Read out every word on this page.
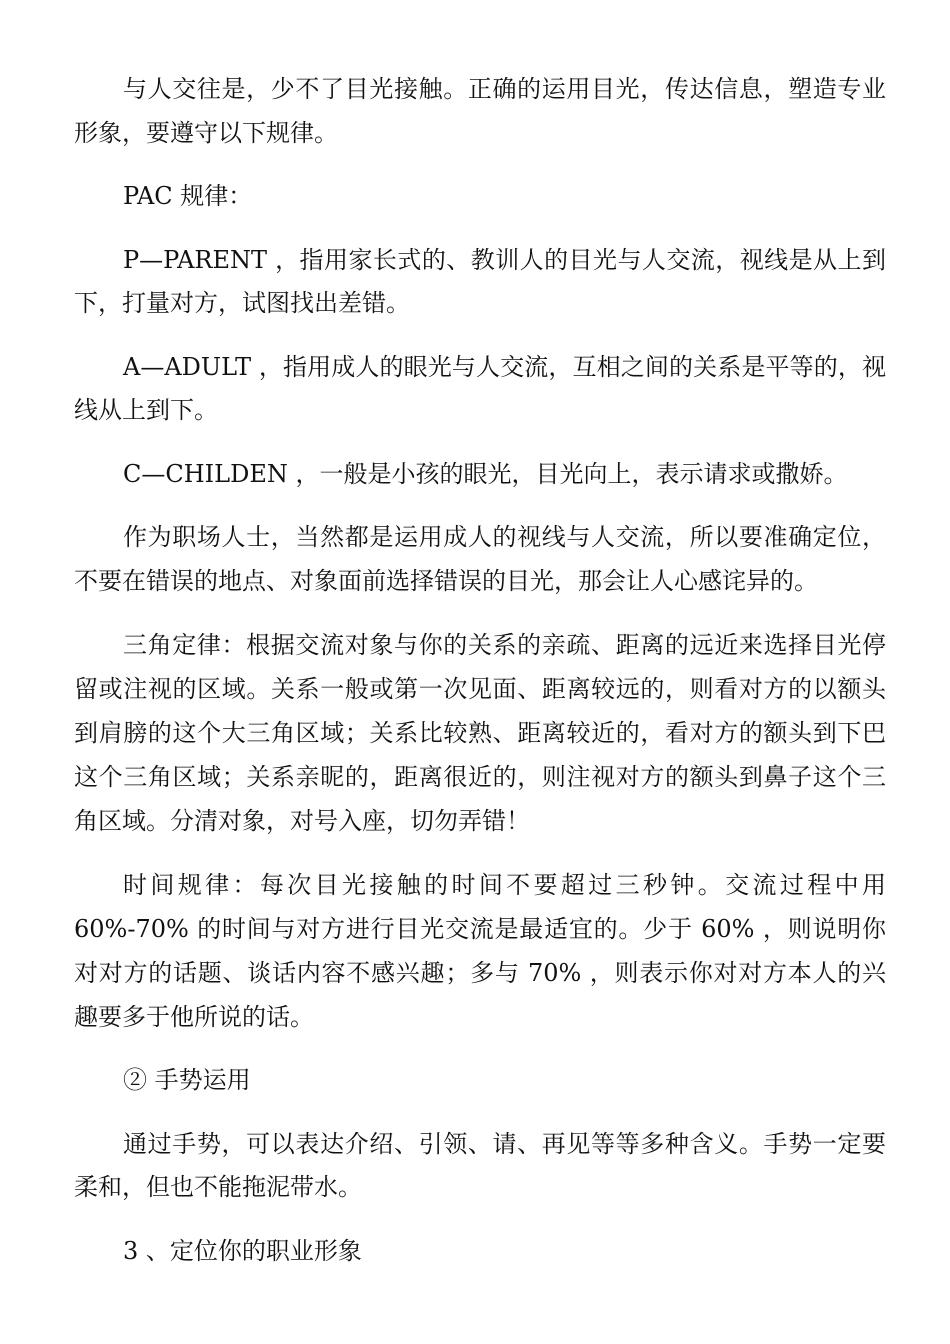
与人交往是，少不了目光接触。正确的运用目光，传达信息，塑造专业形象，要遵守以下规律。

PAC 规律：

P—PARENT ，指用家长式的、教训人的目光与人交流，视线是从上到下，打量对方，试图找出差错。

A—ADULT ，指用成人的眼光与人交流，互相之间的关系是平等的，视线从上到下。

C—CHILDEN ，一般是小孩的眼光，目光向上，表示请求或撒娇。

作为职场人士，当然都是运用成人的视线与人交流，所以要准确定位，不要在错误的地点、对象面前选择错误的目光，那会让人心感诧异的。

三角定律：根据交流对象与你的关系的亲疏、距离的远近来选择目光停留或注视的区域。关系一般或第一次见面、距离较远的，则看对方的以额头到肩膀的这个大三角区域；关系比较熟、距离较近的，看对方的额头到下巴这个三角区域；关系亲昵的，距离很近的，则注视对方的额头到鼻子这个三角区域。分清对象，对号入座，切勿弄错！

时间规律：每次目光接触的时间不要超过三秒钟。交流过程中用 60%-70% 的时间与对方进行目光交流是最适宜的。少于 60% ，则说明你对对方的话题、谈话内容不感兴趣；多与 70% ，则表示你对对方本人的兴趣要多于他所说的话。

② 手势运用

通过手势，可以表达介绍、引领、请、再见等等多种含义。手势一定要柔和，但也不能拖泥带水。

3 、定位你的职业形象
